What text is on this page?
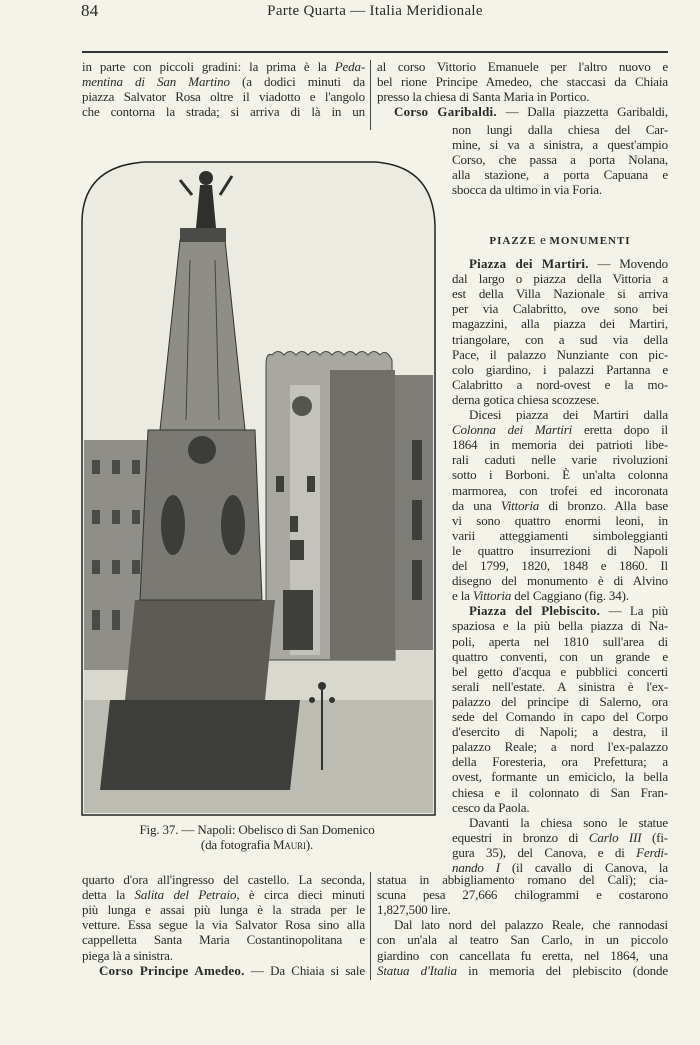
84	Parte Quarta — Italia Meridionale
in parte con piccoli gradini: la prima è la Peda-
mentina di San Martino (a dodici minuti da
piazza Salvator Rosa oltre il viadotto e l'angolo
che contorna la strada; si arriva di là in un
al corso Vittorio Emanuele per l'altro nuovo e
bel rione Principe Amedeo, che staccasi da Chiaia
presso la chiesa di Santa Maria in Portico.
Corso Garibaldi. — Dalla piazzetta Garibaldi,
non lungi dalla chiesa del Car-
mine, si va a sinistra, a quest'ampio
Corso, che passa a porta Nolana,
alla stazione, a porta Capuana e
sbocca da ultimo in via Foria.
PIAZZE e MONUMENTI
Piazza dei Martiri. — Movendo
dal largo o piazza della Vittoria a
est della Villa Nazionale si arriva
per via Calabritto, ove sono bei
magazzini, alla piazza dei Martiri,
triangolare, con a sud via della
Pace, il palazzo Nunziante con pic-
colo giardino, i palazzi Partanna e
Calabritto a nord-ovest e la mo-
derna gotica chiesa scozzese.
Dicesi piazza dei Martiri dalla
Colonna dei Martiri eretta dopo il
1864 in memoria dei patrioti libe-
rali caduti nelle varie rivoluzioni
sotto i Borboni. È un'alta colonna
marmorea, con trofei ed incoronata
da una Vittoria di bronzo. Alla base
vi sono quattro enormi leoni, in
varii atteggiamenti simboleggianti
le quattro insurrezioni di Napoli
del 1799, 1820, 1848 e 1860. Il
disegno del monumento è di Alvino
e la Vittoria del Caggiano (fig. 34).
Piazza del Plebiscito. — La più
spaziosa e la più bella piazza di Na-
poli, aperta nel 1810 sull'area di
quattro conventi, con un grande e
bel getto d'acqua e pubblici concerti
serali nell'estate. A sinistra è l'ex-
palazzo del principe di Salerno, ora
sede del Comando in capo del Corpo
d'esercito di Napoli; a destra, il
palazzo Reale; a nord l'ex-palazzo
della Foresteria, ora Prefettura; a
ovest, formante un emiciclo, la bella
chiesa e il colonnato di San Fran-
cesco da Paola.
Davanti la chiesa sono le statue
equestri in bronzo di Carlo III (fi-
gura 35), del Canova, e di Ferdi-
nando I (il cavallo di Canova, la
statua in abbigliamento romano del Calì); cia-
scuna pesa 27,666 chilogrammi e costarono
1,827,500 lire.
Dal lato nord del palazzo Reale, che rannodasi
con un'ala al teatro San Carlo, in un piccolo
giardino con cancellata fu eretta, nel 1864, una
Statua d'Italia in memoria del plebiscito (donde
quarto d'ora all'ingresso del castello. La seconda,
detta la Salita del Petraio, è circa dieci minuti
più lunga e assai più lunga è la strada per le
vetture. Essa segue la via Salvator Rosa sino alla
cappelletta Santa Maria Costantinopolitana e
piega là a sinistra.
Corso Principe Amedeo. — Da Chiaia si sale
Fig. 37. — Napoli: Obelisco di San Domenico
(da fotografia Mauri).
